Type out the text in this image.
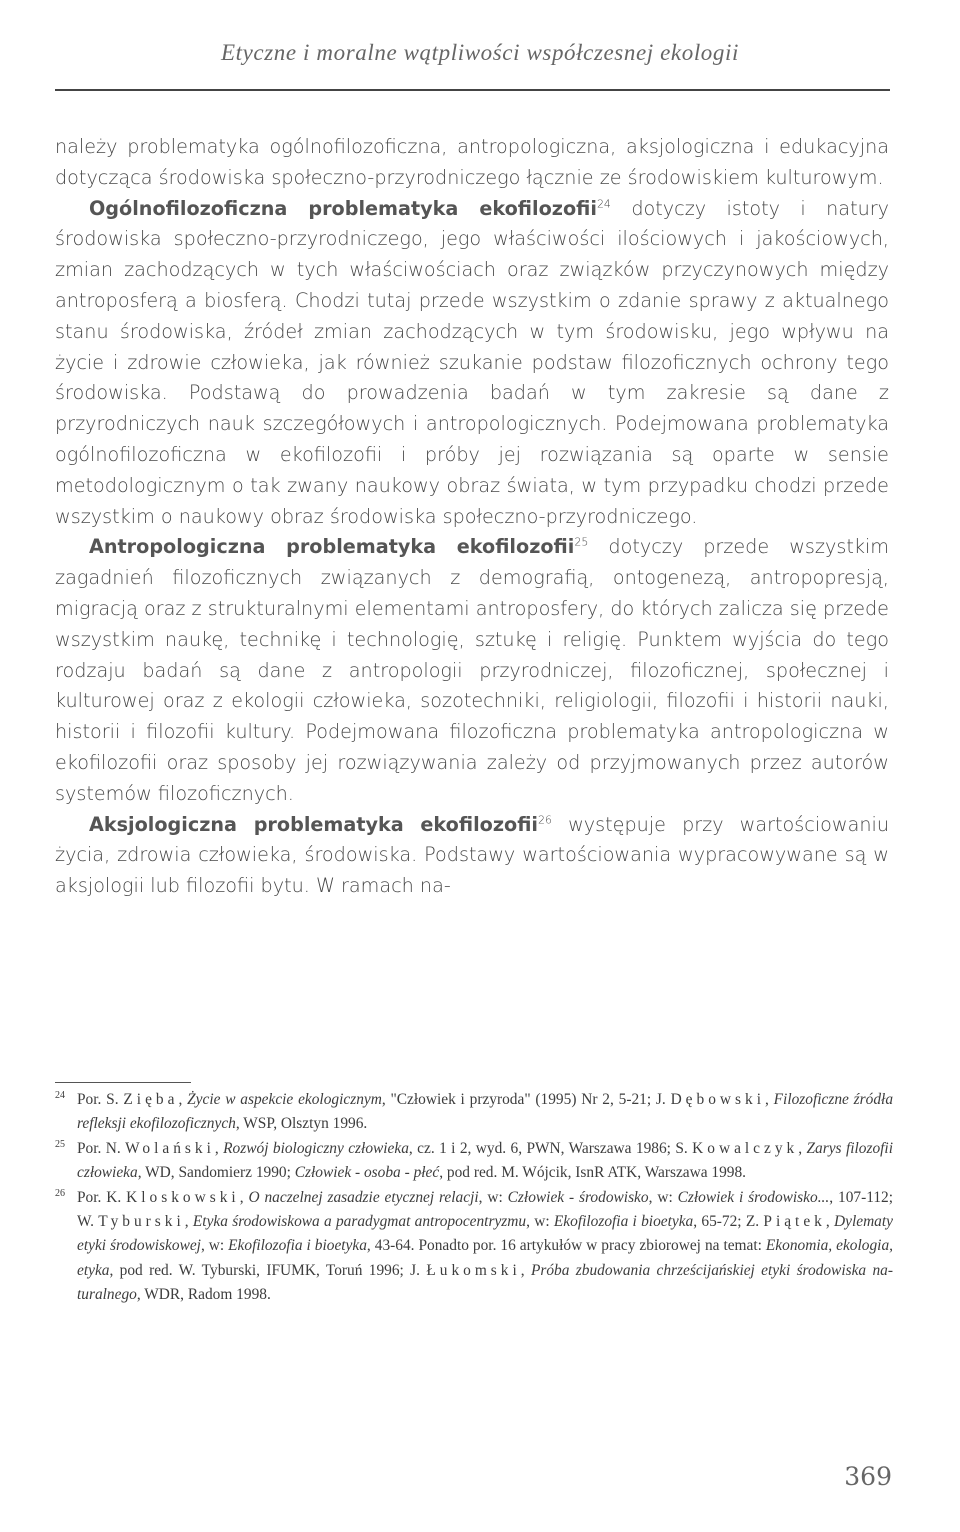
Etyczne i moralne wątpliwości współczesnej ekologii

należy problematyka ogólnofilozoficzna, antropologiczna, aksjologiczna i edukacyjna dotycząca środowiska społeczno-przyrodniczego łącznie ze środowiskiem kulturowym.

Ogólnofilozoficzna problematyka ekofilozofii$^{24}$ dotyczy istoty i natury środowiska społeczno-przyrodniczego, jego właściwości ilościowych i jakościowych, zmian zachodzących w tych właściwościach oraz związków przyczynowych między antroposferą a biosferą. Chodzi tutaj przede wszystkim o zdanie sprawy z aktualnego stanu środowiska, źródeł zmian zachodzących w tym środowisku, jego wpływu na życie i zdrowie człowieka, jak również szukanie podstaw filozoficznych ochrony tego środowiska. Podstawą do prowadzenia badań w tym zakresie są dane z przyrodniczych nauk szczegółowych i antropologicznych. Podejmowana problematyka ogólnofilozoficzna w ekofilozofii i próby jej rozwiązania są oparte w sensie metodologicznym o tak zwany naukowy obraz świata, w tym przypadku chodzi przede wszystkim o naukowy obraz środowiska społeczno-przyrodniczego.

Antropologiczna problematyka ekofilozofii$^{25}$ dotyczy przede wszystkim zagadnień filozoficznych związanych z demografią, ontogenezą, antropopresją, migracją oraz z strukturalnymi elementami antroposfery, do których zalicza się przede wszystkim naukę, technikę i technologię, sztukę i religię. Punktem wyjścia do tego rodzaju badań są dane z antropologii przyrodniczej, filozoficznej, społecznej i kulturowej oraz z ekologii człowieka, sozotechniki, religiologii, filozofii i historii nauki, historii i filozofii kultury. Podejmowana filozoficzna problematyka antropologiczna w ekofilozofii oraz sposoby jej rozwiązywania zależy od przyjmowanych przez autorów systemów filozoficznych.

Aksjologiczna problematyka ekofilozofii$^{26}$ występuje przy wartościowaniu życia, zdrowia człowieka, środowiska. Podstawy wartościowania wypracowywane są w aksjologii lub filozofii bytu. W ramach na-

24 Por. S. Zięba, Życie w aspekcie ekologicznym, "Człowiek i przyroda" (1995) Nr 2, 5-21; J. Dębowski, Filozoficzne źródła refleksji ekofilozoficznych, WSP, Olsztyn 1996.
25 Por. N. Wolański, Rozwój biologiczny człowieka, cz. 1 i 2, wyd. 6, PWN, Warszawa 1986; S. Kowalczyk, Zarys filozofii człowieka, WD, Sandomierz 1990; Człowiek - osoba - płeć, pod red. M. Wójcik, IsnR ATK, Warszawa 1998.
26 Por. K. Kloskowski, O naczelnej zasadzie etycznej relacji, w: Człowiek - środowisko, w: Człowiek i środowisko..., 107-112; W. Tyburski, Etyka środowiskowa a paradygmat antropocentryzmu, w: Ekofilozofia i bioetyka, 65-72; Z. Piątek, Dylematy etyki środowiskowej, w: Ekofilozofia i bioetyka, 43-64. Ponadto por. 16 artykułów w pracy zbiorowej na temat: Ekonomia, ekologia, etyka, pod red. W. Tyburski, IFUMK, Toruń 1996; J. Łukomski, Próba zbudowania chrześcijańskiej etyki środowiska naturalnego, WDR, Radom 1998.
369
